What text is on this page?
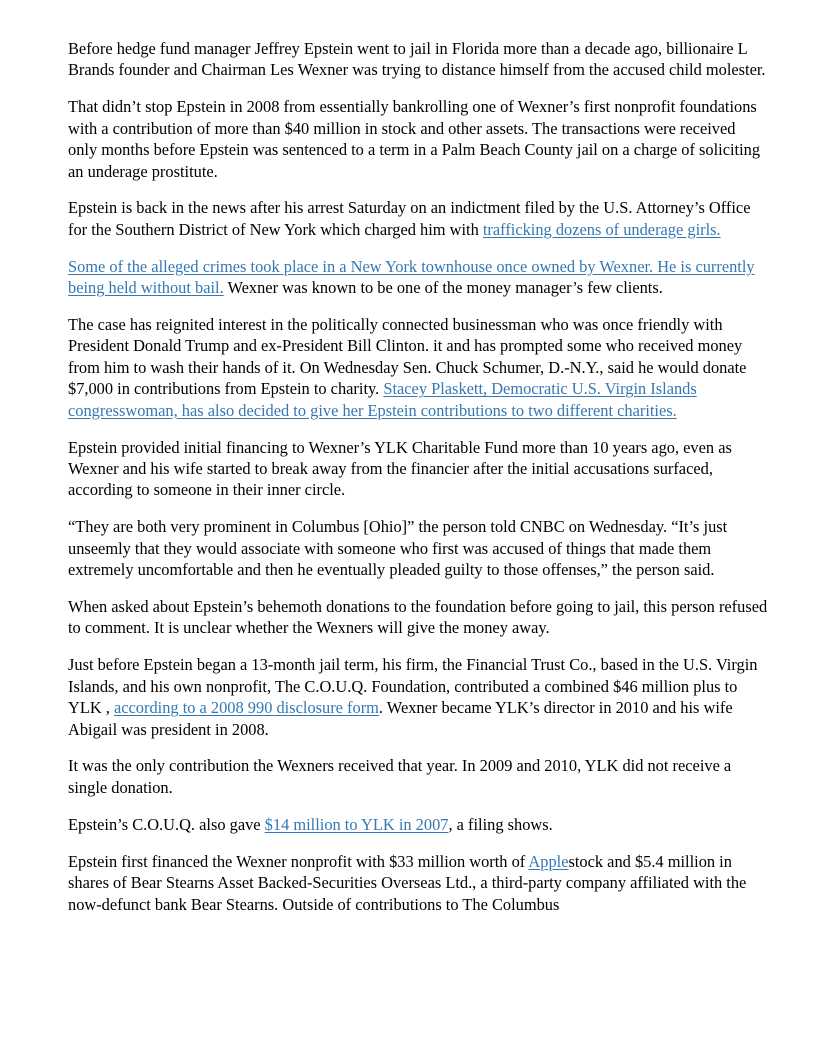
Before hedge fund manager Jeffrey Epstein went to jail in Florida more than a decade ago, billionaire L Brands founder and Chairman Les Wexner was trying to distance himself from the accused child molester.

That didn’t stop Epstein in 2008 from essentially bankrolling one of Wexner’s first nonprofit foundations with a contribution of more than $40 million in stock and other assets. The transactions were received only months before Epstein was sentenced to a term in a Palm Beach County jail on a charge of soliciting an underage prostitute.

Epstein is back in the news after his arrest Saturday on an indictment filed by the U.S. Attorney’s Office for the Southern District of New York which charged him with trafficking dozens of underage girls.

Some of the alleged crimes took place in a New York townhouse once owned by Wexner. He is currently being held without bail. Wexner was known to be one of the money manager’s few clients.

The case has reignited interest in the politically connected businessman who was once friendly with President Donald Trump and ex-President Bill Clinton. it and has prompted some who received money from him to wash their hands of it. On Wednesday Sen. Chuck Schumer, D.-N.Y., said he would donate $7,000 in contributions from Epstein to charity. Stacey Plaskett, Democratic U.S. Virgin Islands congresswoman, has also decided to give her Epstein contributions to two different charities.

Epstein provided initial financing to Wexner’s YLK Charitable Fund more than 10 years ago, even as Wexner and his wife started to break away from the financier after the initial accusations surfaced, according to someone in their inner circle.

“They are both very prominent in Columbus [Ohio]” the person told CNBC on Wednesday. “It’s just unseemly that they would associate with someone who first was accused of things that made them extremely uncomfortable and then he eventually pleaded guilty to those offenses,” the person said.

When asked about Epstein’s behemoth donations to the foundation before going to jail, this person refused to comment. It is unclear whether the Wexners will give the money away.

Just before Epstein began a 13-month jail term, his firm, the Financial Trust Co., based in the U.S. Virgin Islands, and his own nonprofit, The C.O.U.Q. Foundation, contributed a combined $46 million plus to YLK , according to a 2008 990 disclosure form. Wexner became YLK’s director in 2010 and his wife Abigail was president in 2008.

It was the only contribution the Wexners received that year. In 2009 and 2010, YLK did not receive a single donation.

Epstein’s C.O.U.Q. also gave $14 million to YLK in 2007, a filing shows.

Epstein first financed the Wexner nonprofit with $33 million worth of Applestock and $5.4 million in shares of Bear Stearns Asset Backed-Securities Overseas Ltd., a third-party company affiliated with the now-defunct bank Bear Stearns. Outside of contributions to The Columbus
